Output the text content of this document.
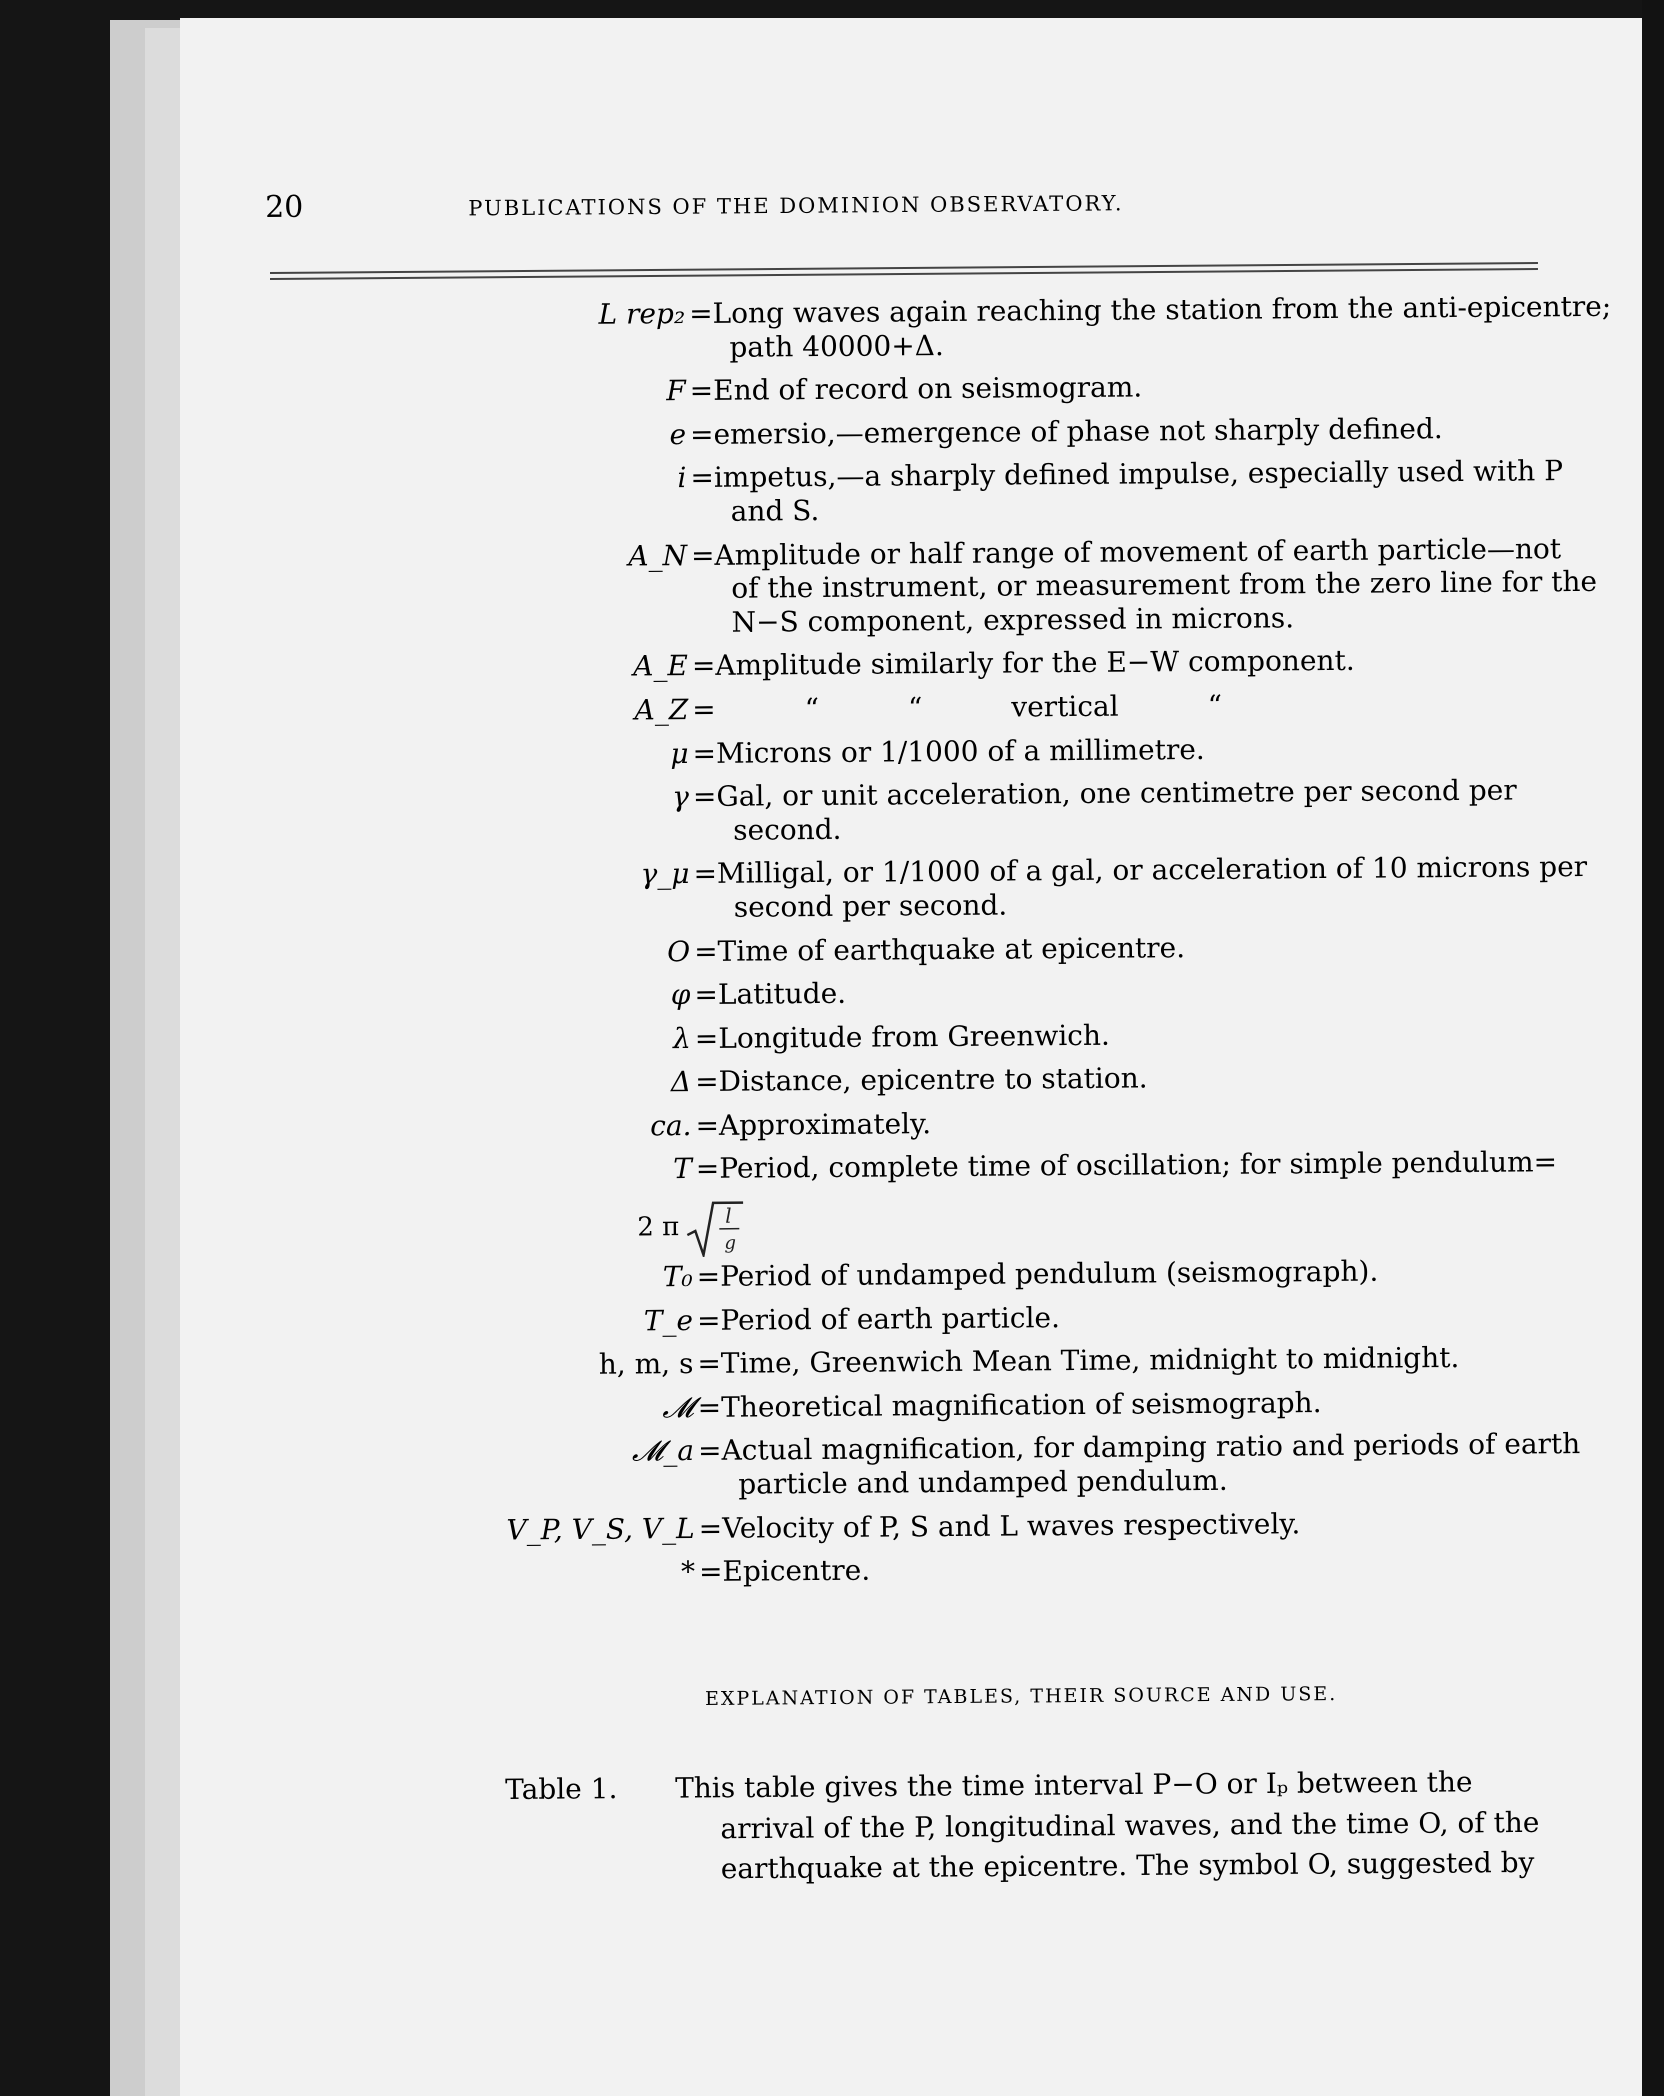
20	PUBLICATIONS OF THE DOMINION OBSERVATORY.
L rep₂ =Long waves again reaching the station from the anti-epicentre;
path 40000+Δ.
F =End of record on seismogram.
e =emersio,—emergence of phase not sharply defined.
i =impetus,—a sharply defined impulse, especially used with P
and S.
A_N =Amplitude or half range of movement of earth particle—not
of the instrument, or measurement from the zero line for the
N−S component, expressed in microns.
A_E =Amplitude similarly for the E−W component.
A_Z =          “          “          vertical          “
μ =Microns or 1/1000 of a millimetre.
γ =Gal, or unit acceleration, one centimetre per second per
second.
γ_μ =Milligal, or 1/1000 of a gal, or acceleration of 10 microns per
second per second.
O =Time of earthquake at epicentre.
φ =Latitude.
λ =Longitude from Greenwich.
Δ =Distance, epicentre to station.
ca. =Approximately.
T =Period, complete time of oscillation; for simple pendulum=
2 π l
g
T₀ =Period of undamped pendulum (seismograph).
T_e =Period of earth particle.
h, m, s =Time, Greenwich Mean Time, midnight to midnight.
𝓜 =Theoretical magnification of seismograph.
𝓜_a =Actual magnification, for damping ratio and periods of earth
particle and undamped pendulum.
V_P, V_S, V_L =Velocity of P, S and L waves respectively.
* =Epicentre.
EXPLANATION OF TABLES, THEIR SOURCE AND USE.
Table 1. This table gives the time interval P−O or Iₚ between the
arrival of the P, longitudinal waves, and the time O, of the
earthquake at the epicentre. The symbol O, suggested by
